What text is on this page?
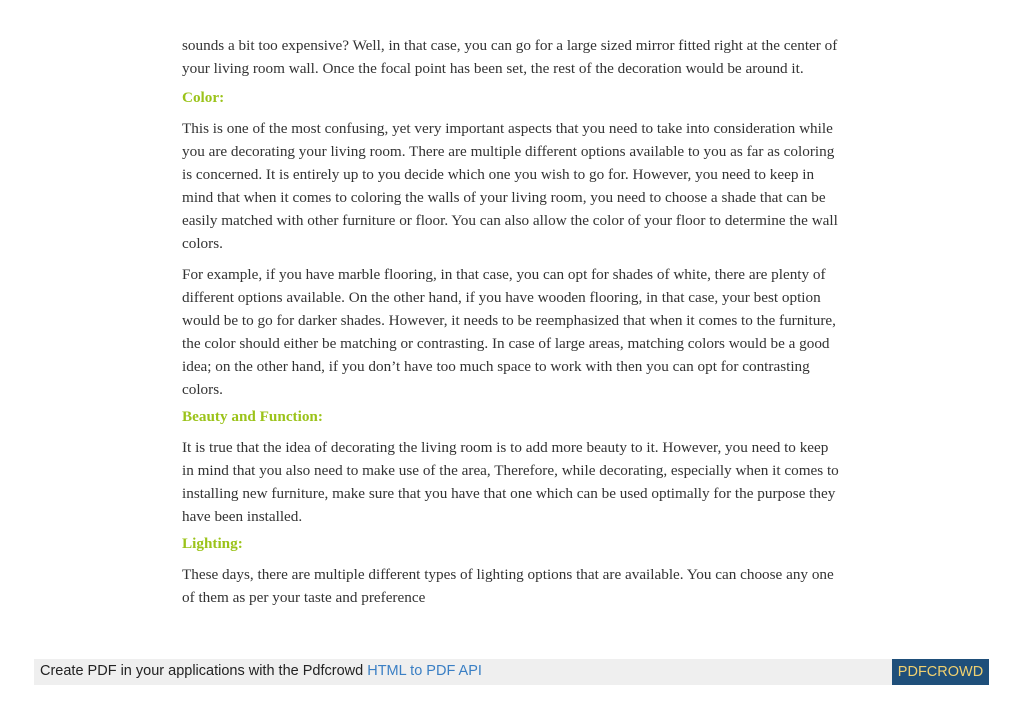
sounds a bit too expensive? Well, in that case, you can go for a large sized mirror fitted right at the center of your living room wall. Once the focal point has been set, the rest of the decoration would be around it.

Color:

This is one of the most confusing, yet very important aspects that you need to take into consideration while you are decorating your living room. There are multiple different options available to you as far as coloring is concerned. It is entirely up to you decide which one you wish to go for. However, you need to keep in mind that when it comes to coloring the walls of your living room, you need to choose a shade that can be easily matched with other furniture or floor. You can also allow the color of your floor to determine the wall colors.

For example, if you have marble flooring, in that case, you can opt for shades of white, there are plenty of different options available. On the other hand, if you have wooden flooring, in that case, your best option would be to go for darker shades. However, it needs to be reemphasized that when it comes to the furniture, the color should either be matching or contrasting. In case of large areas, matching colors would be a good idea; on the other hand, if you don’t have too much space to work with then you can opt for contrasting colors.

Beauty and Function:

It is true that the idea of decorating the living room is to add more beauty to it. However, you need to keep in mind that you also need to make use of the area, Therefore, while decorating, especially when it comes to installing new furniture, make sure that you have that one which can be used optimally for the purpose they have been installed.

Lighting:

These days, there are multiple different types of lighting options that are available. You can choose any one of them as per your taste and preference

Create PDF in your applications with the Pdfcrowd HTML to PDF API	PDFCROWD
